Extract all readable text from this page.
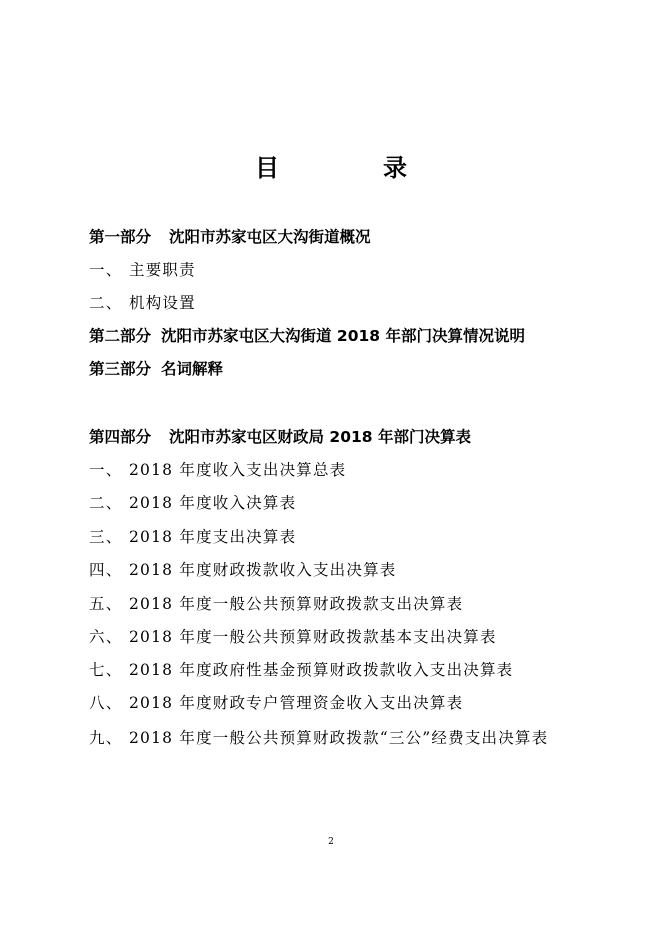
目　录
第一部分 沈阳市苏家屯区大沟街道概况
一、 主要职责
二、 机构设置
第二部分 沈阳市苏家屯区大沟街道 2018 年部门决算情况说明
第三部分 名词解释
第四部分 沈阳市苏家屯区财政局 2018 年部门决算表
一、 2018 年度收入支出决算总表
二、 2018 年度收入决算表
三、 2018 年度支出决算表
四、 2018 年度财政拨款收入支出决算表
五、 2018 年度一般公共预算财政拨款支出决算表
六、 2018 年度一般公共预算财政拨款基本支出决算表
七、 2018 年度政府性基金预算财政拨款收入支出决算表
八、 2018 年度财政专户管理资金收入支出决算表
九、 2018 年度一般公共预算财政拨款“三公”经费支出决算表
2
